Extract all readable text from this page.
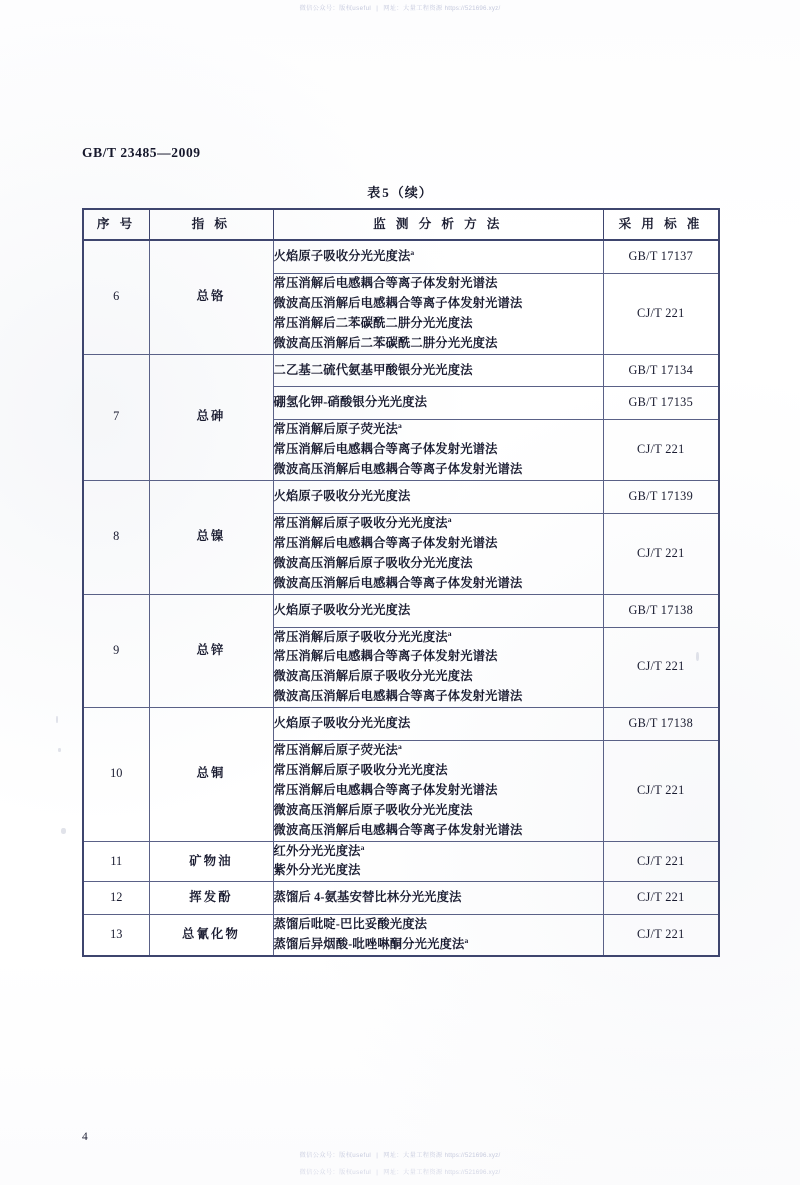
微信公众号：版权useful | 网址：大量工程资源 https://521696.xyz/
GB/T 23485—2009
表5（续）
序 号	指 标	监 测 分 析 方 法	采 用 标 准
6	总铬	火焰原子吸收分光光度法$^a$	GB/T 17137

		常压消解后电感耦合等离子体发射光谱法
微波高压消解后电感耦合等离子体发射光谱法
常压消解后二苯碳酰二肼分光光度法
微波高压消解后二苯碳酰二肼分光光度法	CJ/T 221
7	总砷	二乙基二硫代氨基甲酸银分光光度法	GB/T 17134

		硼氢化钾-硝酸银分光光度法	GB/T 17135

		常压消解后原子荧光法$^a$
常压消解后电感耦合等离子体发射光谱法
微波高压消解后电感耦合等离子体发射光谱法	CJ/T 221
8	总镍	火焰原子吸收分光光度法	GB/T 17139

		常压消解后原子吸收分光光度法$^a$
常压消解后电感耦合等离子体发射光谱法
微波高压消解后原子吸收分光光度法
微波高压消解后电感耦合等离子体发射光谱法	CJ/T 221
9	总锌	火焰原子吸收分光光度法	GB/T 17138

		常压消解后原子吸收分光光度法$^a$
常压消解后电感耦合等离子体发射光谱法
微波高压消解后原子吸收分光光度法
微波高压消解后电感耦合等离子体发射光谱法	CJ/T 221
10	总铜	火焰原子吸收分光光度法	GB/T 17138

		常压消解后原子荧光法$^a$
常压消解后原子吸收分光光度法
常压消解后电感耦合等离子体发射光谱法
微波高压消解后原子吸收分光光度法
微波高压消解后电感耦合等离子体发射光谱法	CJ/T 221
11	矿物油	红外分光光度法$^a$
紫外分光光度法	CJ/T 221
12	挥发酚	蒸馏后 4-氨基安替比林分光光度法	CJ/T 221
13	总氰化物	蒸馏后吡啶-巴比妥酸光度法
蒸馏后异烟酸-吡唑啉酮分光光度法$^a$	CJ/T 221
4
微信公众号：版权useful | 网址：大量工程资源 https://521696.xyz/
微信公众号：版权useful | 网址：大量工程资源 https://521696.xyz/
